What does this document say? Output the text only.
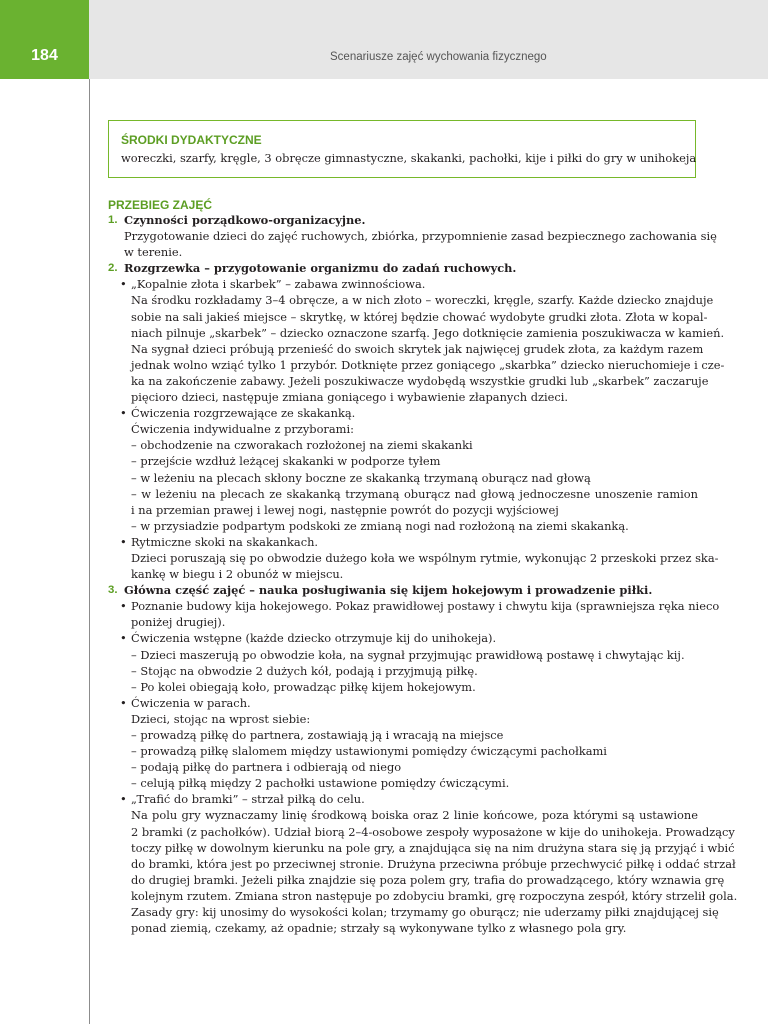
184	Scenariusze zajęć wychowania fizycznego
ŚRODKI DYDAKTYCZNE
woreczki, szarfy, kręgle, 3 obręcze gimnastyczne, skakanki, pachołki, kije i piłki do gry w unihokeja
PRZEBIEG ZAJĘĆ
1. Czynności porządkowo-organizacyjne.
Przygotowanie dzieci do zajęć ruchowych, zbiórka, przypomnienie zasad bezpiecznego zachowania się
w terenie.
2. Rozgrzewka – przygotowanie organizmu do zadań ruchowych.
• „Kopalnie złota i skarbek” – zabawa zwinnościowa.
Na środku rozkładamy 3–4 obręcze, a w nich złoto – woreczki, kręgle, szarfy. Każde dziecko znajduje
sobie na sali jakieś miejsce – skrytkę, w której będzie chować wydobyte grudki złota. Złota w kopal-
niach pilnuje „skarbek” – dziecko oznaczone szarfą. Jego dotknięcie zamienia poszukiwacza w kamień.
Na sygnał dzieci próbują przenieść do swoich skrytek jak najwięcej grudek złota, za każdym razem
jednak wolno wziąć tylko 1 przybór. Dotknięte przez goniącego „skarbka” dziecko nieruchomieje i cze-
ka na zakończenie zabawy. Jeżeli poszukiwacze wydobędą wszystkie grudki lub „skarbek” zaczaruje
pięcioro dzieci, następuje zmiana goniącego i wybawienie złapanych dzieci.
• Ćwiczenia rozgrzewające ze skakanką.
Ćwiczenia indywidualne z przyborami:
– obchodzenie na czworakach rozłożonej na ziemi skakanki
– przejście wzdłuż leżącej skakanki w podporze tyłem
– w leżeniu na plecach skłony boczne ze skakanką trzymaną oburącz nad głową
– w leżeniu na plecach ze skakanką trzymaną oburącz nad głową jednoczesne unoszenie ramion
i na przemian prawej i lewej nogi, następnie powrót do pozycji wyjściowej
– w przysiadzie podpartym podskoki ze zmianą nogi nad rozłożoną na ziemi skakanką.
• Rytmiczne skoki na skakankach.
Dzieci poruszają się po obwodzie dużego koła we wspólnym rytmie, wykonując 2 przeskoki przez ska-
kankę w biegu i 2 obunóż w miejscu.
3. Główna część zajęć – nauka posługiwania się kijem hokejowym i prowadzenie piłki.
• Poznanie budowy kija hokejowego. Pokaz prawidłowej postawy i chwytu kija (sprawniejsza ręka nieco
poniżej drugiej).
• Ćwiczenia wstępne (każde dziecko otrzymuje kij do unihokeja).
– Dzieci maszerują po obwodzie koła, na sygnał przyjmując prawidłową postawę i chwytając kij.
– Stojąc na obwodzie 2 dużych kół, podają i przyjmują piłkę.
– Po kolei obiegają koło, prowadząc piłkę kijem hokejowym.
• Ćwiczenia w parach.
Dzieci, stojąc na wprost siebie:
– prowadzą piłkę do partnera, zostawiają ją i wracają na miejsce
– prowadzą piłkę slalomem między ustawionymi pomiędzy ćwiczącymi pachołkami
– podają piłkę do partnera i odbierają od niego
– celują piłką między 2 pachołki ustawione pomiędzy ćwiczącymi.
• „Trafić do bramki” – strzał piłką do celu.
Na polu gry wyznaczamy linię środkową boiska oraz 2 linie końcowe, poza którymi są ustawione
2 bramki (z pachołków). Udział biorą 2–4-osobowe zespoły wyposażone w kije do unihokeja. Prowadzący
toczy piłkę w dowolnym kierunku na pole gry, a znajdująca się na nim drużyna stara się ją przyjąć i wbić
do bramki, która jest po przeciwnej stronie. Drużyna przeciwna próbuje przechwycić piłkę i oddać strzał
do drugiej bramki. Jeżeli piłka znajdzie się poza polem gry, trafia do prowadzącego, który wznawia grę
kolejnym rzutem. Zmiana stron następuje po zdobyciu bramki, grę rozpoczyna zespół, który strzelił gola.
Zasady gry: kij unosimy do wysokości kolan; trzymamy go oburącz; nie uderzamy piłki znajdującej się
ponad ziemią, czekamy, aż opadnie; strzały są wykonywane tylko z własnego pola gry.
